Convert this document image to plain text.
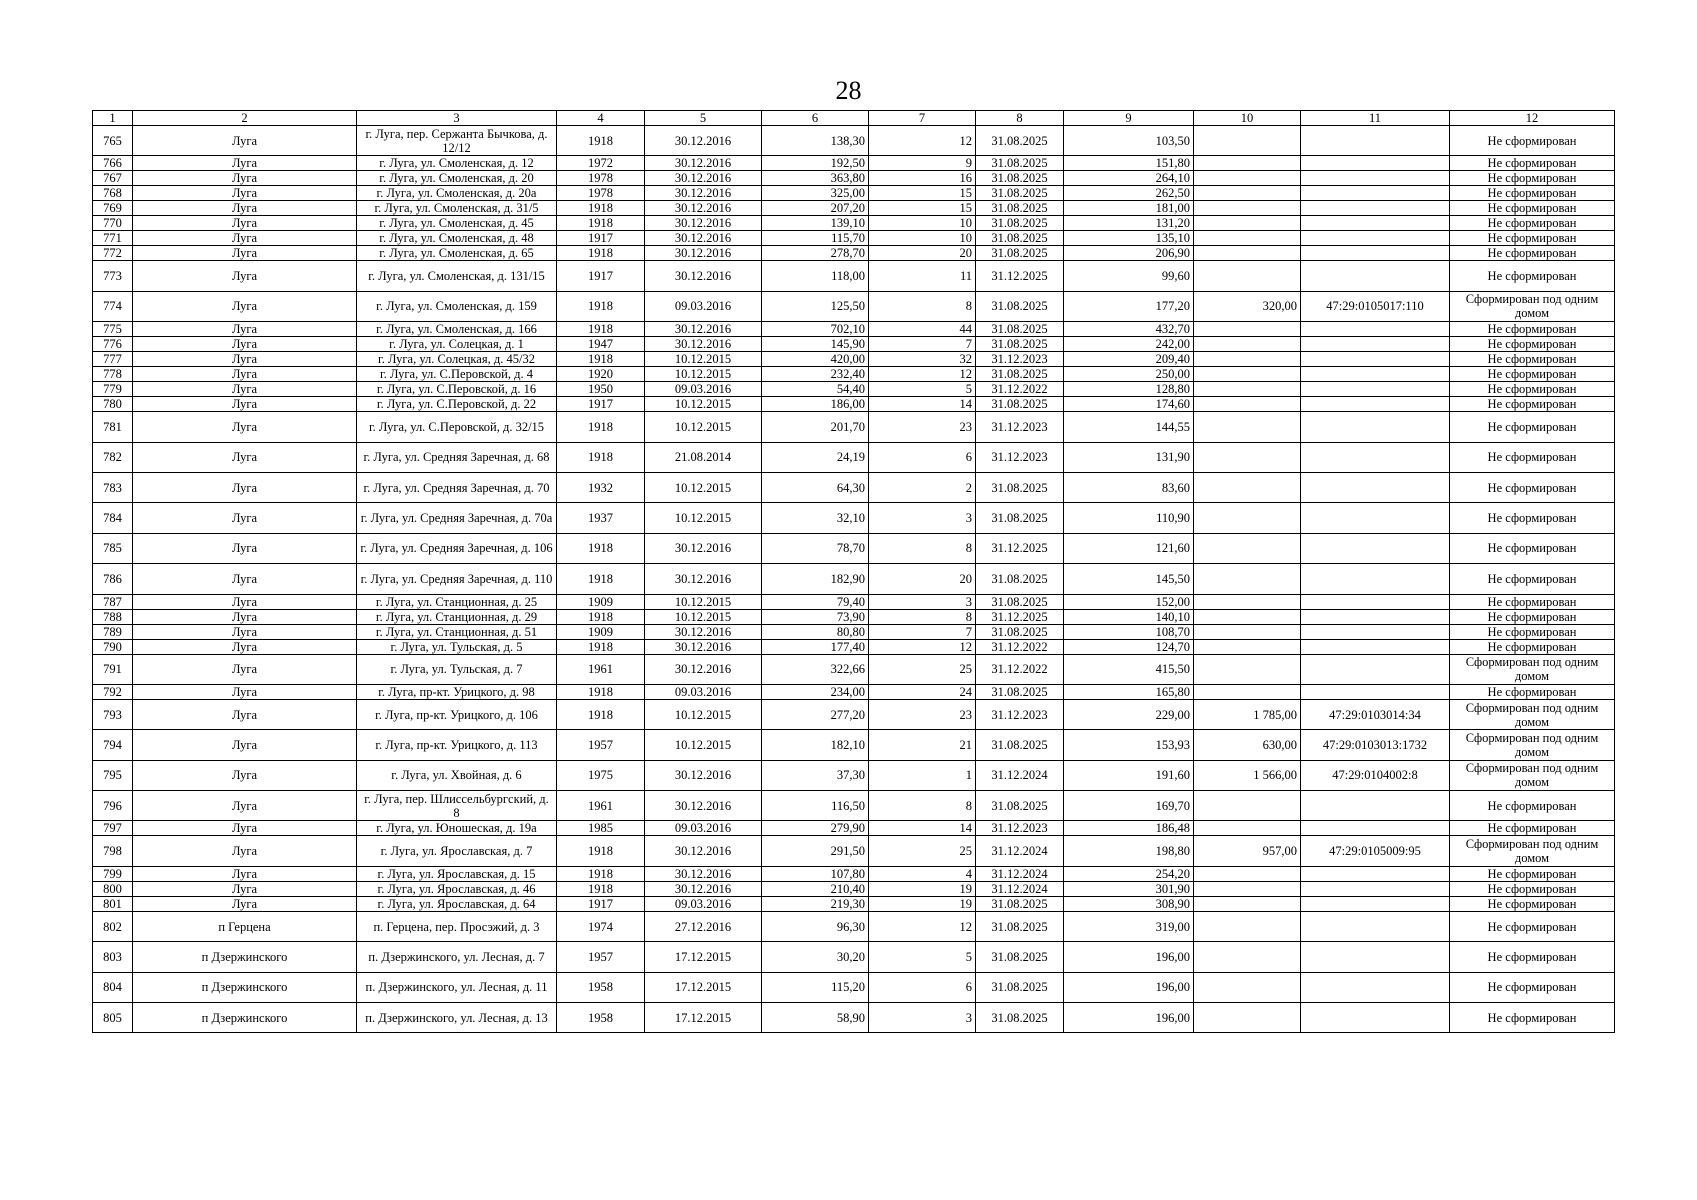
28
1	2	3	4	5	6	7	8	9	10	11	12
765	Луга	г. Луга, пер. Сержанта Бычкова, д. 12/12	1918	30.12.2016	138,30	12	31.08.2025	103,50			Не сформирован
766	Луга	г. Луга, ул. Смоленская, д. 12	1972	30.12.2016	192,50	9	31.08.2025	151,80			Не сформирован
767	Луга	г. Луга, ул. Смоленская, д. 20	1978	30.12.2016	363,80	16	31.08.2025	264,10			Не сформирован
768	Луга	г. Луга, ул. Смоленская, д. 20а	1978	30.12.2016	325,00	15	31.08.2025	262,50			Не сформирован
769	Луга	г. Луга, ул. Смоленская, д. 31/5	1918	30.12.2016	207,20	15	31.08.2025	181,00			Не сформирован
770	Луга	г. Луга, ул. Смоленская, д. 45	1918	30.12.2016	139,10	10	31.08.2025	131,20			Не сформирован
771	Луга	г. Луга, ул. Смоленская, д. 48	1917	30.12.2016	115,70	10	31.08.2025	135,10			Не сформирован
772	Луга	г. Луга, ул. Смоленская, д. 65	1918	30.12.2016	278,70	20	31.08.2025	206,90			Не сформирован
773	Луга	г. Луга, ул. Смоленская, д. 131/15	1917	30.12.2016	118,00	11	31.12.2025	99,60			Не сформирован
774	Луга	г. Луга, ул. Смоленская, д. 159	1918	09.03.2016	125,50	8	31.08.2025	177,20	320,00	47:29:0105017:110	Сформирован под одним домом
775	Луга	г. Луга, ул. Смоленская, д. 166	1918	30.12.2016	702,10	44	31.08.2025	432,70			Не сформирован
776	Луга	г. Луга, ул. Солецкая, д. 1	1947	30.12.2016	145,90	7	31.08.2025	242,00			Не сформирован
777	Луга	г. Луга, ул. Солецкая, д. 45/32	1918	10.12.2015	420,00	32	31.12.2023	209,40			Не сформирован
778	Луга	г. Луга, ул. С.Перовской, д. 4	1920	10.12.2015	232,40	12	31.08.2025	250,00			Не сформирован
779	Луга	г. Луга, ул. С.Перовской, д. 16	1950	09.03.2016	54,40	5	31.12.2022	128,80			Не сформирован
780	Луга	г. Луга, ул. С.Перовской, д. 22	1917	10.12.2015	186,00	14	31.08.2025	174,60			Не сформирован
781	Луга	г. Луга, ул. С.Перовской, д. 32/15	1918	10.12.2015	201,70	23	31.12.2023	144,55			Не сформирован
782	Луга	г. Луга, ул. Средняя Заречная, д. 68	1918	21.08.2014	24,19	6	31.12.2023	131,90			Не сформирован
783	Луга	г. Луга, ул. Средняя Заречная, д. 70	1932	10.12.2015	64,30	2	31.08.2025	83,60			Не сформирован
784	Луга	г. Луга, ул. Средняя Заречная, д. 70а	1937	10.12.2015	32,10	3	31.08.2025	110,90			Не сформирован
785	Луга	г. Луга, ул. Средняя Заречная, д. 106	1918	30.12.2016	78,70	8	31.12.2025	121,60			Не сформирован
786	Луга	г. Луга, ул. Средняя Заречная, д. 110	1918	30.12.2016	182,90	20	31.08.2025	145,50			Не сформирован
787	Луга	г. Луга, ул. Станционная, д. 25	1909	10.12.2015	79,40	3	31.08.2025	152,00			Не сформирован
788	Луга	г. Луга, ул. Станционная, д. 29	1918	10.12.2015	73,90	8	31.12.2025	140,10			Не сформирован
789	Луга	г. Луга, ул. Станционная, д. 51	1909	30.12.2016	80,80	7	31.08.2025	108,70			Не сформирован
790	Луга	г. Луга, ул. Тульская, д. 5	1918	30.12.2016	177,40	12	31.12.2022	124,70			Не сформирован
791	Луга	г. Луга, ул. Тульская, д. 7	1961	30.12.2016	322,66	25	31.12.2022	415,50			Сформирован под одним домом
792	Луга	г. Луга, пр-кт. Урицкого, д. 98	1918	09.03.2016	234,00	24	31.08.2025	165,80			Не сформирован
793	Луга	г. Луга, пр-кт. Урицкого, д. 106	1918	10.12.2015	277,20	23	31.12.2023	229,00	1 785,00	47:29:0103014:34	Сформирован под одним домом
794	Луга	г. Луга, пр-кт. Урицкого, д. 113	1957	10.12.2015	182,10	21	31.08.2025	153,93	630,00	47:29:0103013:1732	Сформирован под одним домом
795	Луга	г. Луга, ул. Хвойная, д. 6	1975	30.12.2016	37,30	1	31.12.2024	191,60	1 566,00	47:29:0104002:8	Сформирован под одним домом
796	Луга	г. Луга, пер. Шлиссельбургский, д. 8	1961	30.12.2016	116,50	8	31.08.2025	169,70			Не сформирован
797	Луга	г. Луга, ул. Юношеская, д. 19а	1985	09.03.2016	279,90	14	31.12.2023	186,48			Не сформирован
798	Луга	г. Луга, ул. Ярославская, д. 7	1918	30.12.2016	291,50	25	31.12.2024	198,80	957,00	47:29:0105009:95	Сформирован под одним домом
799	Луга	г. Луга, ул. Ярославская, д. 15	1918	30.12.2016	107,80	4	31.12.2024	254,20			Не сформирован
800	Луга	г. Луга, ул. Ярославская, д. 46	1918	30.12.2016	210,40	19	31.12.2024	301,90			Не сформирован
801	Луга	г. Луга, ул. Ярославская, д. 64	1917	09.03.2016	219,30	19	31.08.2025	308,90			Не сформирован
802	п Герцена	п. Герцена, пер. Просэжий, д. 3	1974	27.12.2016	96,30	12	31.08.2025	319,00			Не сформирован
803	п Дзержинского	п. Дзержинского, ул. Лесная, д. 7	1957	17.12.2015	30,20	5	31.08.2025	196,00			Не сформирован
804	п Дзержинского	п. Дзержинского, ул. Лесная, д. 11	1958	17.12.2015	115,20	6	31.08.2025	196,00			Не сформирован
805	п Дзержинского	п. Дзержинского, ул. Лесная, д. 13	1958	17.12.2015	58,90	3	31.08.2025	196,00			Не сформирован
